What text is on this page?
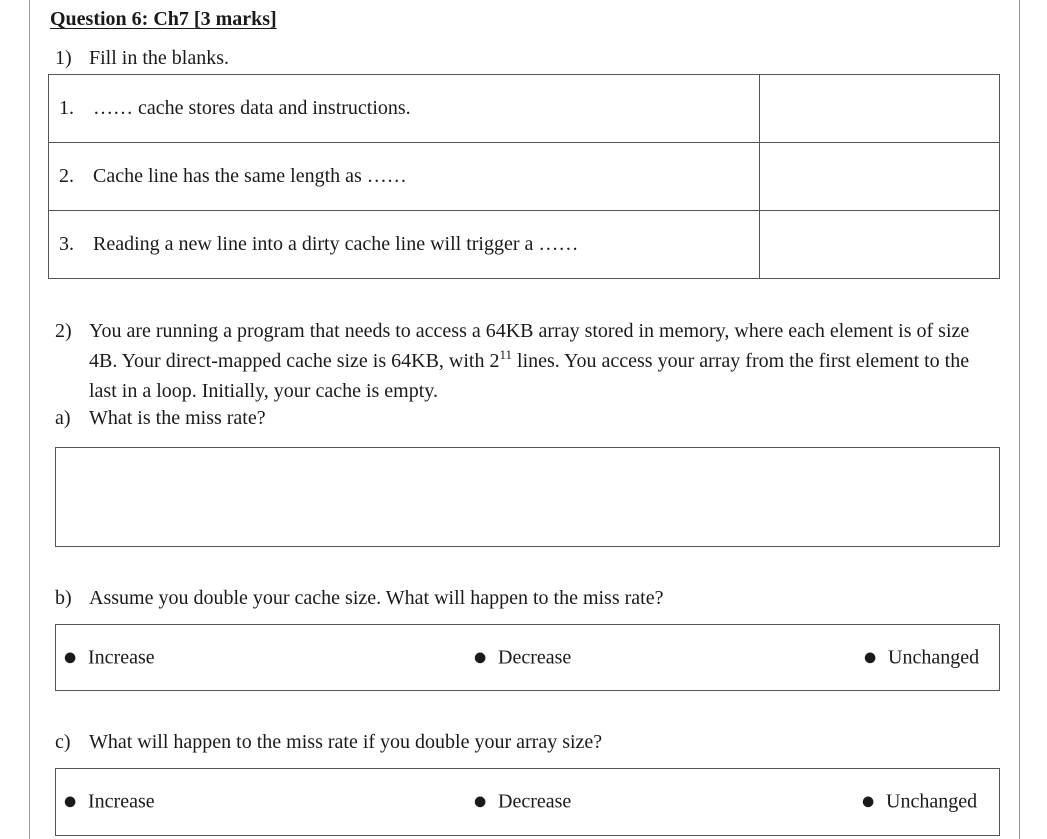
Question 6: Ch7 [3 marks]
1) Fill in the blanks.
1. …… cache stores data and instructions.	
2. Cache line has the same length as ……	
3. Reading a new line into a dirty cache line will trigger a ……	
2) You are running a program that needs to access a 64KB array stored in memory, where each element is of size 4B. Your direct-mapped cache size is 64KB, with $2^{11}$ lines. You access your array from the first element to the last in a loop. Initially, your cache is empty.
a) What is the miss rate?
b) Assume you double your cache size. What will happen to the miss rate?
● Increase	● Decrease	● Unchanged
c) What will happen to the miss rate if you double your array size?
● Increase	● Decrease	● Unchanged
